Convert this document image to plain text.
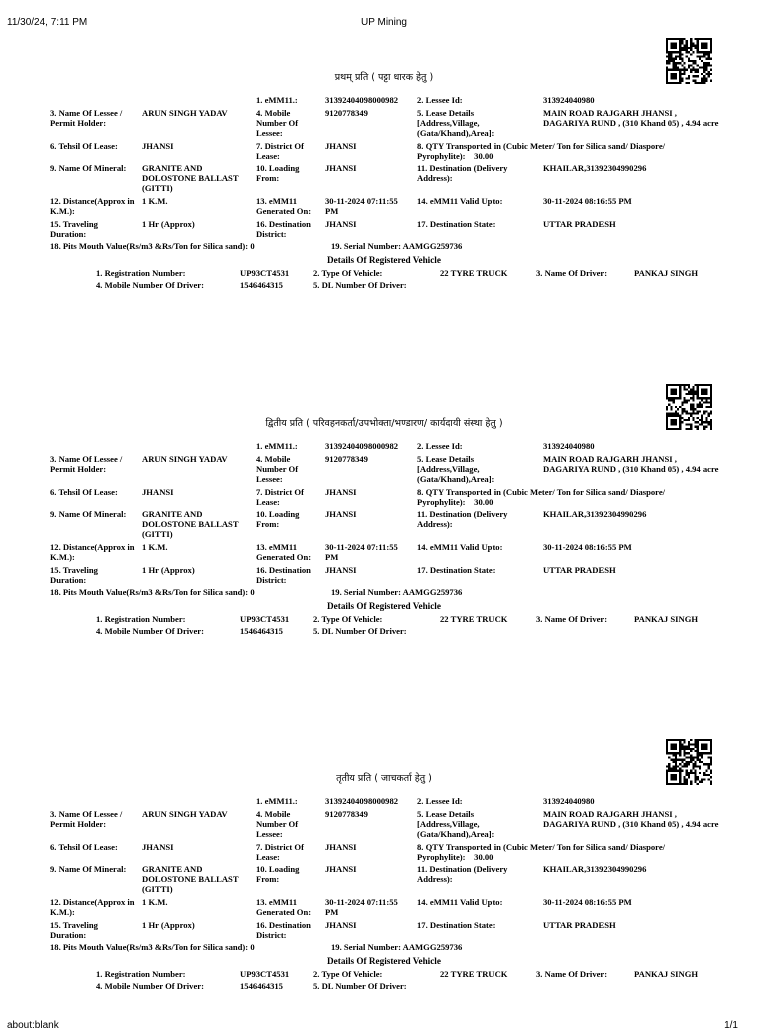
11/30/24, 7:11 PM	UP Mining
प्रथम् प्रति ( पट्टा धारक हेतु )
1. eMM11.:	31392404098000982 2. Lessee Id:	313924040980
3. Name Of Lessee / Permit Holder:
ARUN SINGH YADAV	4. Mobile Number Of Lessee:
9120778349	5. Lease Details [Address,Village, (Gata/Khand),Area]:
MAIN ROAD RAJGARH JHANSI , DAGARIYA RUND , (310 Khand 05) , 4.94 acre
6. Tehsil Of Lease:	JHANSI	7. District Of Lease:
JHANSI	8. QTY Transported in (Cubic Meter/ Ton for Silica sand/ Diaspore/ Pyrophylite): 30.00
9. Name Of Mineral: GRANITE AND DOLOSTONE BALLAST (GITTI)
10. Loading From:
JHANSI	11. Destination (Delivery Address):
KHAILAR,31392304990296
12. Distance(Approx in K.M.):
1 K.M.	13. eMM11 Generated On:
30-11-2024 07:11:55 PM
14. eMM11 Valid Upto:	30-11-2024 08:16:55 PM
15. Traveling Duration:
1 Hr (Approx)	16. Destination District:
JHANSI	17. Destination State:	UTTAR PRADESH
18. Pits Mouth Value(Rs/m3 &Rs/Ton for Silica sand): 0	19. Serial Number: AAMGG259736
Details Of Registered Vehicle
1. Registration Number:	UP93CT4531	2. Type Of Vehicle:	22 TYRE TRUCK	3. Name Of Driver:	PANKAJ SINGH
4. Mobile Number Of Driver:	1546464315	5. DL Number Of Driver:
द्वितीय प्रति ( परिवहनकर्ता/उपभोक्ता/भण्डारण/ कार्यदायी संस्था हेतु )
1. eMM11.:	31392404098000982 2. Lessee Id:	313924040980
3. Name Of Lessee / Permit Holder:
ARUN SINGH YADAV	4. Mobile Number Of Lessee:
9120778349	5. Lease Details [Address,Village, (Gata/Khand),Area]:
MAIN ROAD RAJGARH JHANSI , DAGARIYA RUND , (310 Khand 05) , 4.94 acre
6. Tehsil Of Lease:	JHANSI	7. District Of Lease:
JHANSI	8. QTY Transported in (Cubic Meter/ Ton for Silica sand/ Diaspore/ Pyrophylite): 30.00
9. Name Of Mineral: GRANITE AND DOLOSTONE BALLAST (GITTI)
10. Loading From:
JHANSI	11. Destination (Delivery Address):
KHAILAR,31392304990296
12. Distance(Approx in K.M.):
1 K.M.	13. eMM11 Generated On:
30-11-2024 07:11:55 PM
14. eMM11 Valid Upto:	30-11-2024 08:16:55 PM
15. Traveling Duration:
1 Hr (Approx)	16. Destination District:
JHANSI	17. Destination State:	UTTAR PRADESH
18. Pits Mouth Value(Rs/m3 &Rs/Ton for Silica sand): 0	19. Serial Number: AAMGG259736
Details Of Registered Vehicle
1. Registration Number:	UP93CT4531	2. Type Of Vehicle:	22 TYRE TRUCK	3. Name Of Driver:	PANKAJ SINGH
4. Mobile Number Of Driver:	1546464315	5. DL Number Of Driver:
तृतीय प्रति ( जाचकर्ता हेतु )
1. eMM11.:	31392404098000982 2. Lessee Id:	313924040980
3. Name Of Lessee / Permit Holder:
ARUN SINGH YADAV	4. Mobile Number Of Lessee:
9120778349	5. Lease Details [Address,Village, (Gata/Khand),Area]:
MAIN ROAD RAJGARH JHANSI , DAGARIYA RUND , (310 Khand 05) , 4.94 acre
6. Tehsil Of Lease:	JHANSI	7. District Of Lease:
JHANSI	8. QTY Transported in (Cubic Meter/ Ton for Silica sand/ Diaspore/ Pyrophylite): 30.00
9. Name Of Mineral: GRANITE AND DOLOSTONE BALLAST (GITTI)
10. Loading From:
JHANSI	11. Destination (Delivery Address):
KHAILAR,31392304990296
12. Distance(Approx in K.M.):
1 K.M.	13. eMM11 Generated On:
30-11-2024 07:11:55 PM
14. eMM11 Valid Upto:	30-11-2024 08:16:55 PM
15. Traveling Duration:
1 Hr (Approx)	16. Destination District:
JHANSI	17. Destination State:	UTTAR PRADESH
18. Pits Mouth Value(Rs/m3 &Rs/Ton for Silica sand): 0	19. Serial Number: AAMGG259736
Details Of Registered Vehicle
1. Registration Number:	UP93CT4531	2. Type Of Vehicle:	22 TYRE TRUCK	3. Name Of Driver:	PANKAJ SINGH
4. Mobile Number Of Driver:	1546464315	5. DL Number Of Driver:
about:blank	1/1
